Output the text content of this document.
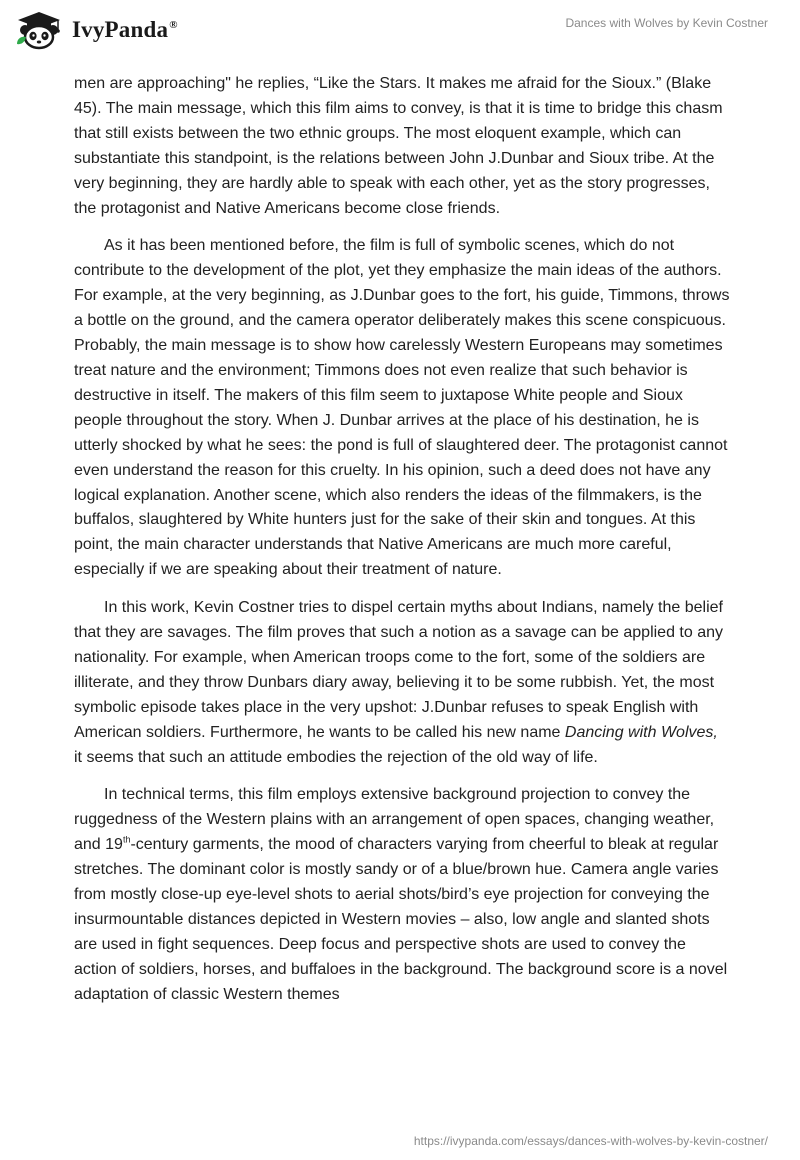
IvyPanda®	Dances with Wolves by Kevin Costner

men are approaching" he replies, “Like the Stars. It makes me afraid for the Sioux.” (Blake 45). The main message, which this film aims to convey, is that it is time to bridge this chasm that still exists between the two ethnic groups. The most eloquent example, which can substantiate this standpoint, is the relations between John J.Dunbar and Sioux tribe. At the very beginning, they are hardly able to speak with each other, yet as the story progresses, the protagonist and Native Americans become close friends.

As it has been mentioned before, the film is full of symbolic scenes, which do not contribute to the development of the plot, yet they emphasize the main ideas of the authors. For example, at the very beginning, as J.Dunbar goes to the fort, his guide, Timmons, throws a bottle on the ground, and the camera operator deliberately makes this scene conspicuous. Probably, the main message is to show how carelessly Western Europeans may sometimes treat nature and the environment; Timmons does not even realize that such behavior is destructive in itself. The makers of this film seem to juxtapose White people and Sioux people throughout the story. When J. Dunbar arrives at the place of his destination, he is utterly shocked by what he sees: the pond is full of slaughtered deer. The protagonist cannot even understand the reason for this cruelty. In his opinion, such a deed does not have any logical explanation. Another scene, which also renders the ideas of the filmmakers, is the buffalos, slaughtered by White hunters just for the sake of their skin and tongues. At this point, the main character understands that Native Americans are much more careful, especially if we are speaking about their treatment of nature.

In this work, Kevin Costner tries to dispel certain myths about Indians, namely the belief that they are savages. The film proves that such a notion as a savage can be applied to any nationality. For example, when American troops come to the fort, some of the soldiers are illiterate, and they throw Dunbars diary away, believing it to be some rubbish. Yet, the most symbolic episode takes place in the very upshot: J.Dunbar refuses to speak English with American soldiers. Furthermore, he wants to be called his new name Dancing with Wolves, it seems that such an attitude embodies the rejection of the old way of life.

In technical terms, this film employs extensive background projection to convey the ruggedness of the Western plains with an arrangement of open spaces, changing weather, and 19th-century garments, the mood of characters varying from cheerful to bleak at regular stretches. The dominant color is mostly sandy or of a blue/brown hue. Camera angle varies from mostly close-up eye-level shots to aerial shots/bird’s eye projection for conveying the insurmountable distances depicted in Western movies – also, low angle and slanted shots are used in fight sequences. Deep focus and perspective shots are used to convey the action of soldiers, horses, and buffaloes in the background. The background score is a novel adaptation of classic Western themes

https://ivypanda.com/essays/dances-with-wolves-by-kevin-costner/
